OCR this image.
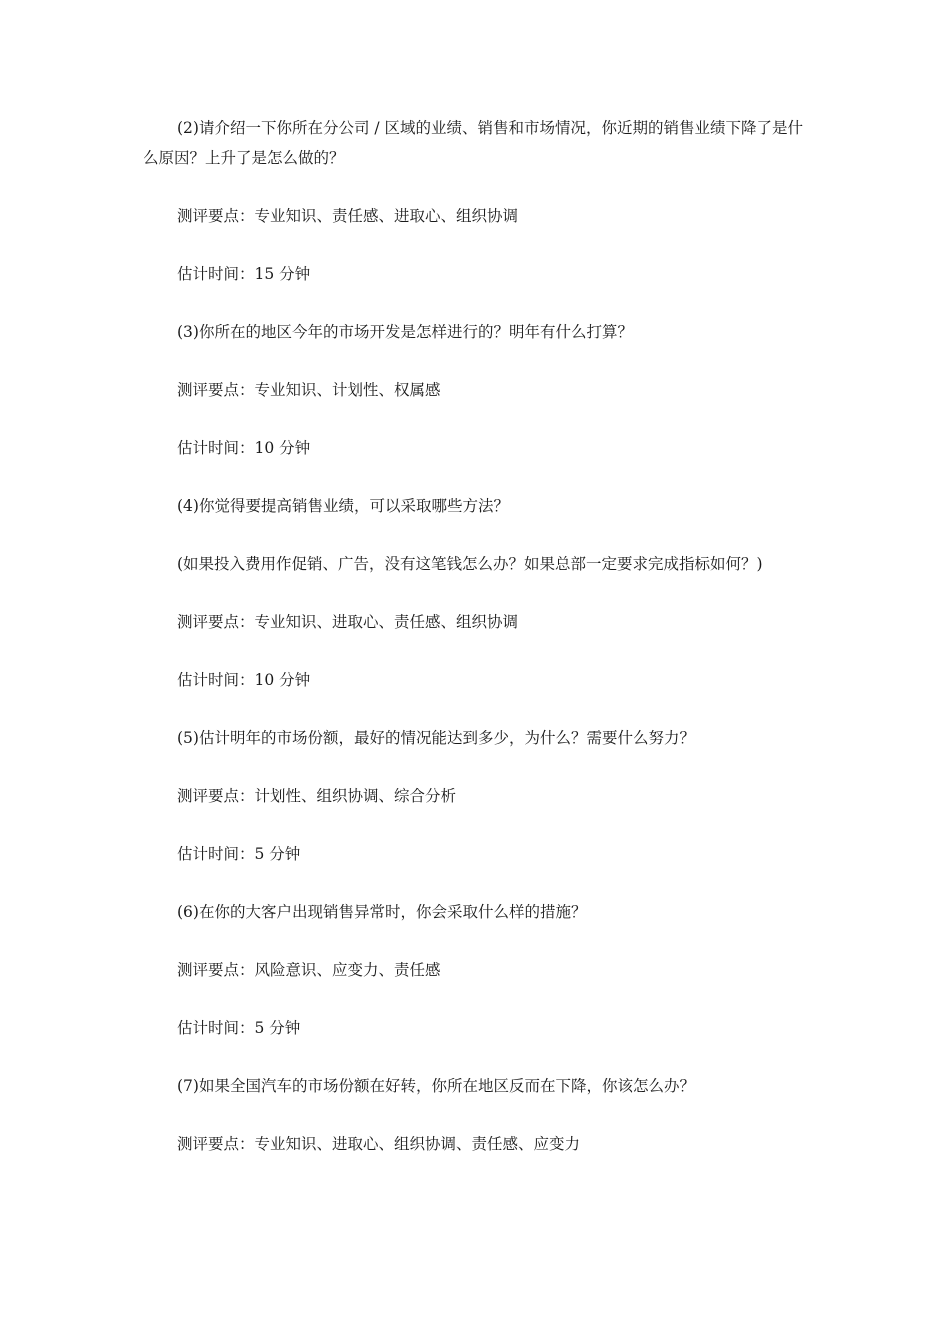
(2)请介绍一下你所在分公司 / 区域的业绩、销售和市场情况，你近期的销售业绩下降了是什么原因？上升了是怎么做的？

测评要点：专业知识、责任感、进取心、组织协调

估计时间：15 分钟

(3)你所在的地区今年的市场开发是怎样进行的？明年有什么打算？

测评要点：专业知识、计划性、权属感

估计时间：10 分钟

(4)你觉得要提高销售业绩，可以采取哪些方法？

(如果投入费用作促销、广告，没有这笔钱怎么办？如果总部一定要求完成指标如何？)

测评要点：专业知识、进取心、责任感、组织协调

估计时间：10 分钟

(5)估计明年的市场份额，最好的情况能达到多少，为什么？需要什么努力？

测评要点：计划性、组织协调、综合分析

估计时间：5 分钟

(6)在你的大客户出现销售异常时，你会采取什么样的措施？

测评要点：风险意识、应变力、责任感

估计时间：5 分钟

(7)如果全国汽车的市场份额在好转，你所在地区反而在下降，你该怎么办？

测评要点：专业知识、进取心、组织协调、责任感、应变力
